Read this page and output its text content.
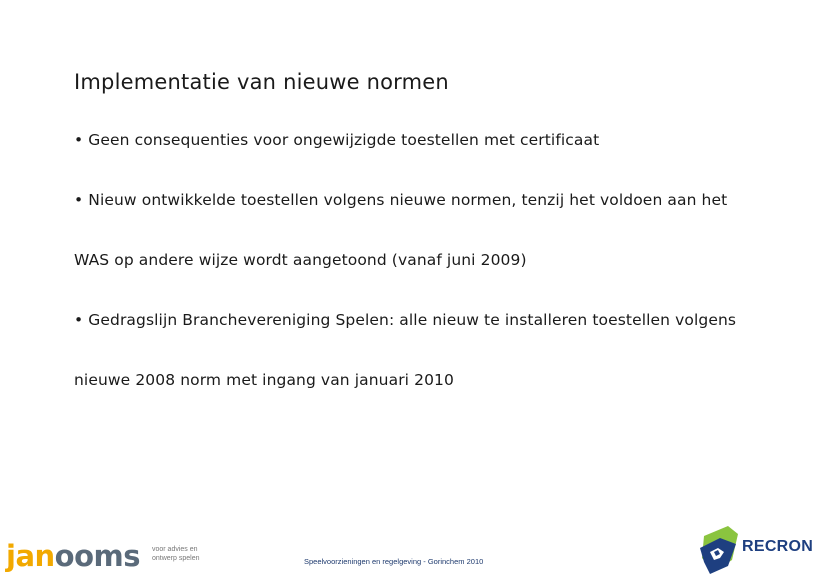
Implementatie van nieuwe normen
• Geen consequenties voor ongewijzigde toestellen met certificaat
• Nieuw ontwikkelde toestellen volgens nieuwe normen, tenzij het voldoen aan het
WAS op andere wijze wordt aangetoond (vanaf juni 2009)
• Gedragslijn Branchevereniging Spelen: alle nieuw te installeren toestellen volgens
nieuwe 2008 norm met ingang van januari 2010
janooms voor advies en
ontwerp spelen	Speelvoorzieningen en regelgeving - Gorinchem 2010
RECRON
